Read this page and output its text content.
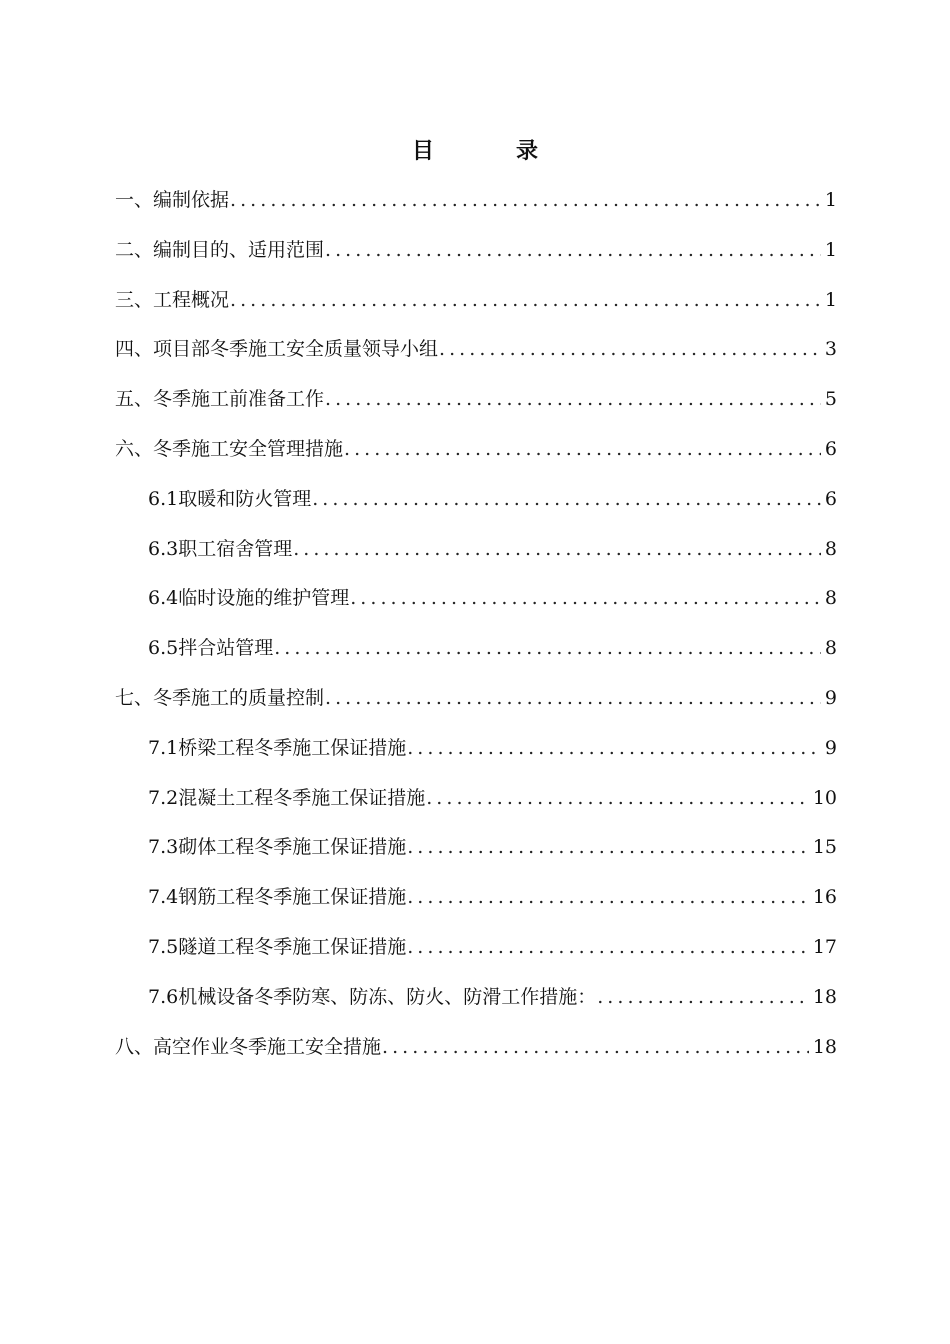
目　录
一、编制依据 . . .	1
二、编制目的、适用范围 . . .	1
三、工程概况 . . .	1
四、项目部冬季施工安全质量领导小组 . . .	3
五、冬季施工前准备工作 . . .	5
六、冬季施工安全管理措施 . . .	6
6.1取暖和防火管理 . . .	6
6.3职工宿舍管理 . . .	8
6.4临时设施的维护管理 . . .	8
6.5拌合站管理 . . .	8
七、冬季施工的质量控制 . . .	9
7.1桥梁工程冬季施工保证措施 . . .	9
7.2混凝土工程冬季施工保证措施 . . .	10
7.3砌体工程冬季施工保证措施 . . .	15
7.4钢筋工程冬季施工保证措施 . . .	16
7.5隧道工程冬季施工保证措施 . . .	17
7.6机械设备冬季防寒、防冻、防火、防滑工作措施： . . .	18
八、高空作业冬季施工安全措施 . . .	18
